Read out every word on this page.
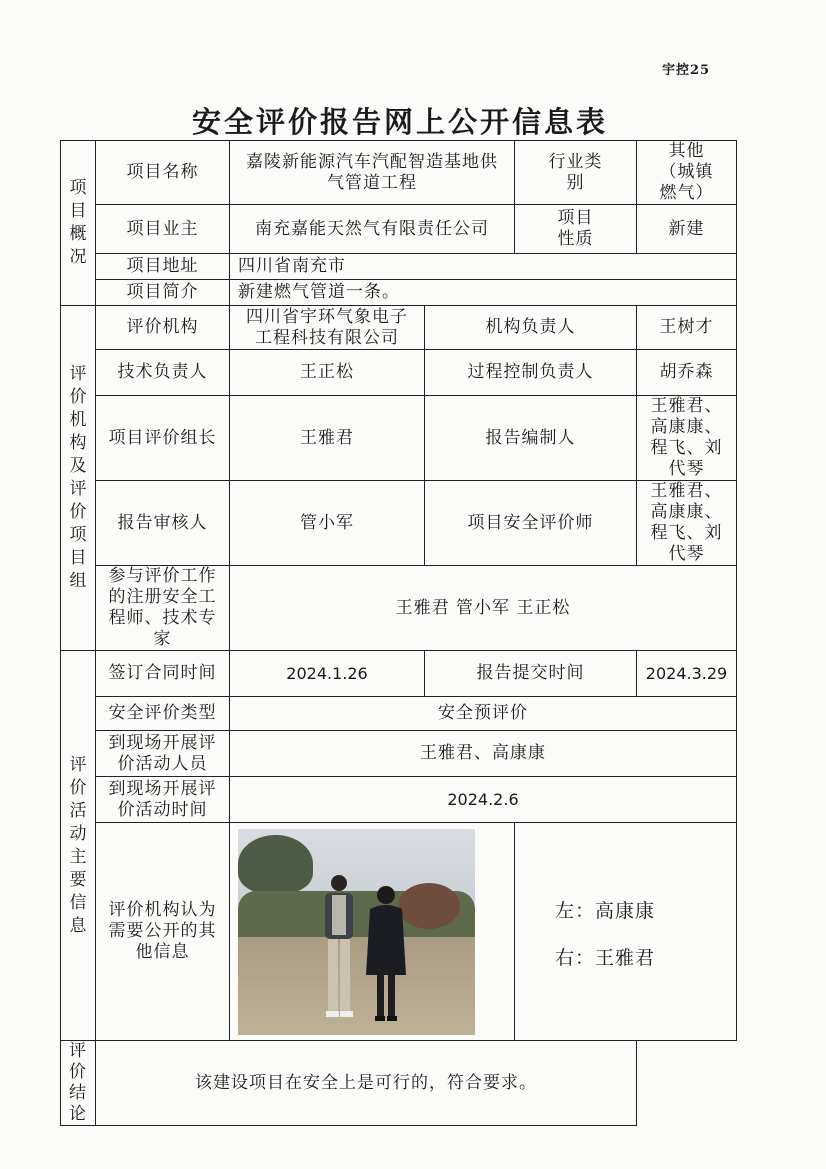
宇控25
安全评价报告网上公开信息表
项目概况	项目名称	嘉陵新能源汽车汽配智造基地供气管道工程		行业类别	其他（城镇燃气）
	项目业主	南充嘉能天然气有限责任公司		项目性质	新建
	项目地址	四川省南充市			
	项目简介	新建燃气管道一条。			

评价机构及评价项目组	评价机构	四川省宇环气象电子工程科技有限公司	机构负责人		王树才
	技术负责人	王正松	过程控制负责人		胡乔森
	项目评价组长	王雅君	报告编制人		王雅君、高康康、程飞、刘代琴
	报告审核人	管小军	项目安全评价师		王雅君、高康康、程飞、刘代琴
	参与评价工作的注册安全工程师、技术专家	王雅君 管小军 王正松			

评价活动主要信息	签订合同时间	2024.1.26	报告提交时间		2024.3.29
	安全评价类型	安全预评价			
	到现场开展评价活动人员	王雅君、高康康			
	到现场开展评价活动时间	2024.2.6			
	评价机构认为需要公开的其他信息			左：高康康
右：王雅君	

评价结论	该建设项目在安全上是可行的，符合要求。				
